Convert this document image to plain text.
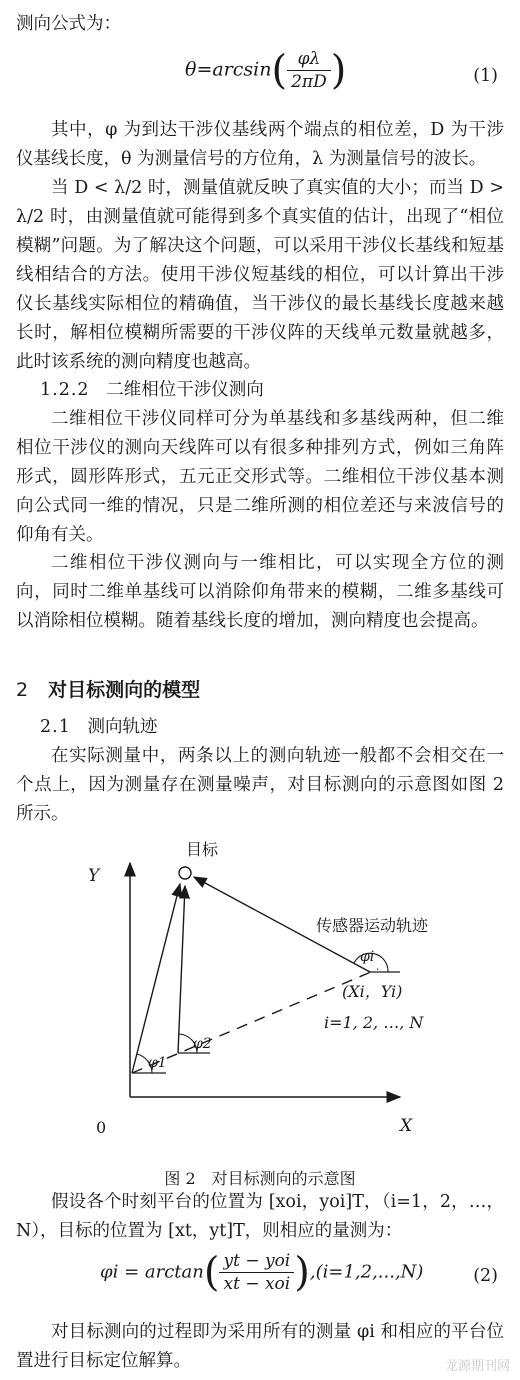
测向公式为：

$\theta=\arcsin( \frac{\varphi\lambda}{2\pi D}$ )	(1)

其中，φ 为到达干涉仪基线两个端点的相位差，D 为干涉仪基线长度，θ 为测量信号的方位角，λ 为测量信号的波长。

当 D < λ/2 时，测量值就反映了真实值的大小；而当 D > λ/2 时，由测量值就可能得到多个真实值的估计，出现了“相位模糊”问题。为了解决这个问题，可以采用干涉仪长基线和短基线相结合的方法。使用干涉仪短基线的相位，可以计算出干涉仪长基线实际相位的精确值，当干涉仪的最长基线长度越来越长时，解相位模糊所需要的干涉仪阵的天线单元数量就越多，此时该系统的测向精度也越高。

1.2.2 二维相位干涉仪测向

二维相位干涉仪同样可分为单基线和多基线两种，但二维相位干涉仪的测向天线阵可以有很多种排列方式，例如三角阵形式，圆形阵形式，五元正交形式等。二维相位干涉仪基本测向公式同一维的情况，只是二维所测的相位差还与来波信号的仰角有关。

二维相位干涉仪测向与一维相比，可以实现全方位的测向，同时二维单基线可以消除仰角带来的模糊，二维多基线可以消除相位模糊。随着基线长度的增加，测向精度也会提高。

2 对目标测向的模型

2.1 测向轨迹

在实际测量中，两条以上的测向轨迹一般都不会相交在一个点上，因为测量存在测量噪声，对目标测向的示意图如图 2 所示。

Y
X
0
目标
φ1
φ2
φi
传感器运动轨迹
(Xi，Yi)
i=1, 2, …, N
图 2　对目标测向的示意图

假设各个时刻平台的位置为 [xoi，yoi]T，（i=1，2，…，N），目标的位置为 [xt，yt]T，则相应的量测为：

$\varphi i = \arctan( \frac{\text{yt − yoi}}{\text{xt − xoi}} ),(i=1,2,...,N)$	(2)

对目标测向的过程即为采用所有的测量 φi 和相应的平台位置进行目标定位解算。	龙源期刊网
